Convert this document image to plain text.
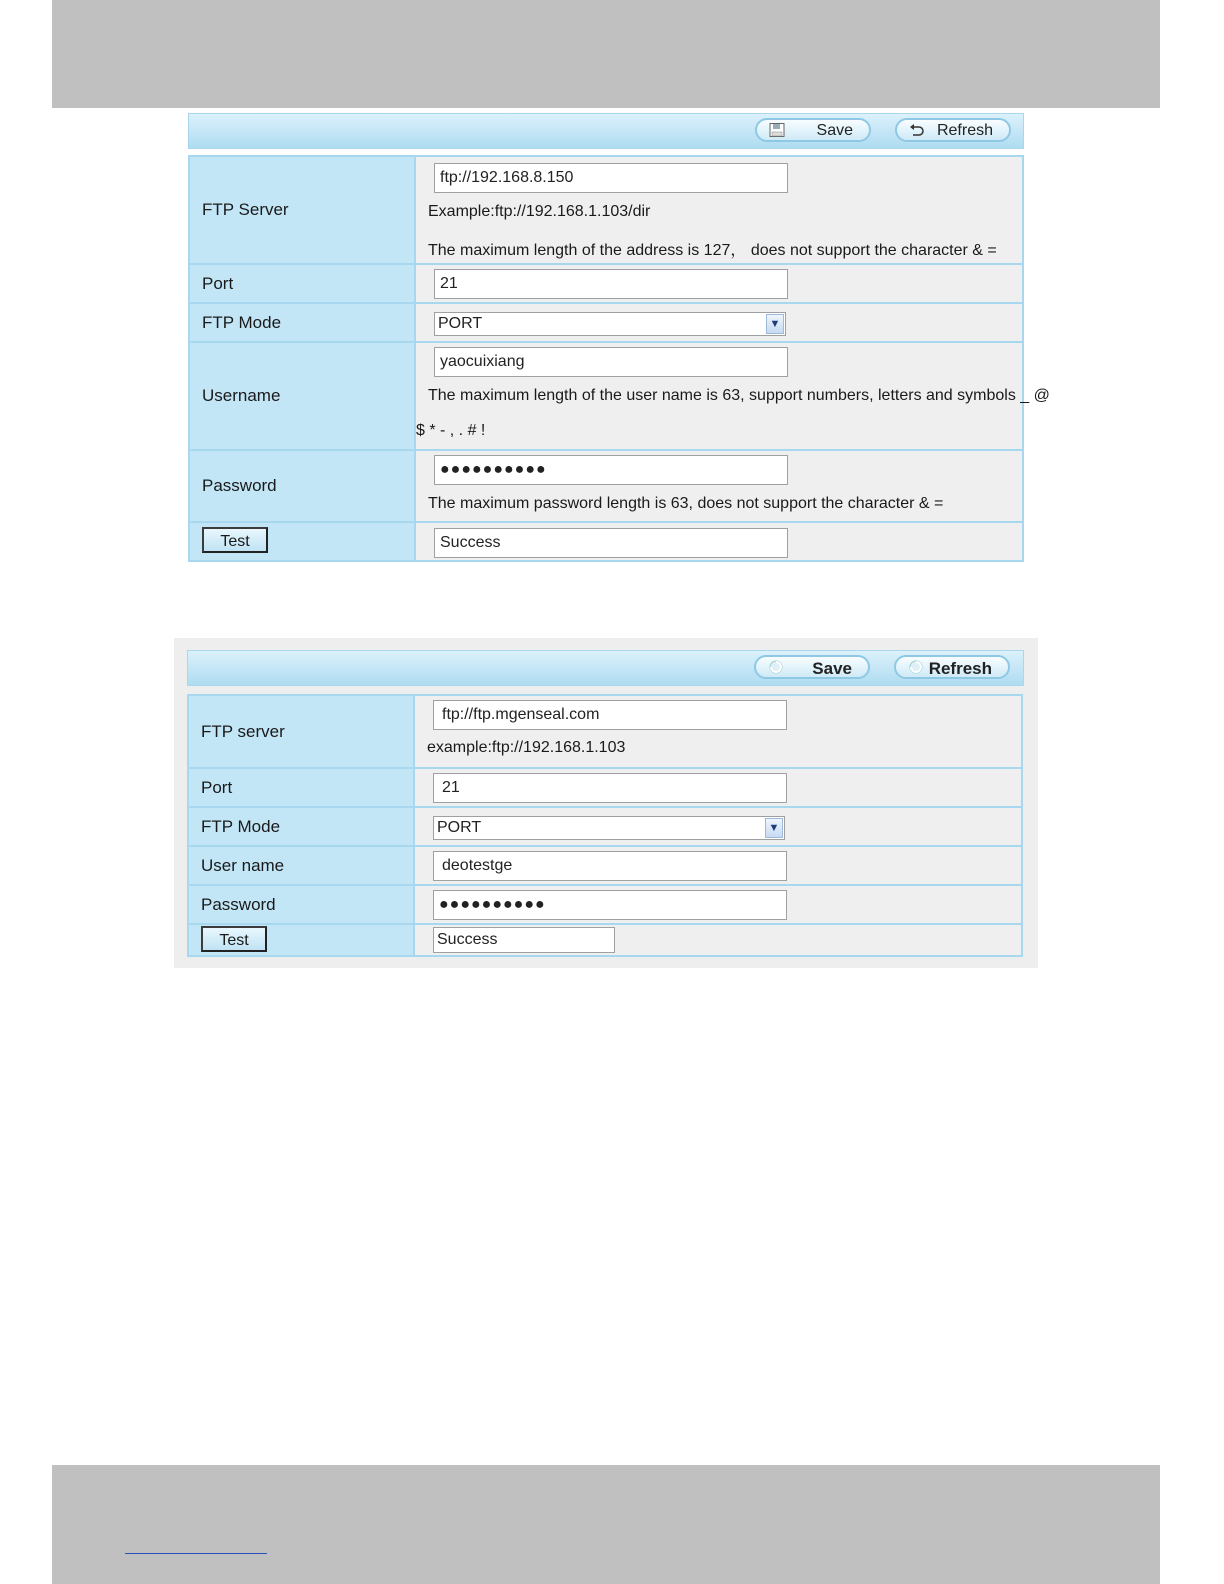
Save	Refresh
FTP Server	ftp://192.168.8.150
Example:ftp://192.168.1.103/dir
The maximum length of the address is 127， does not support the character & =

Port	21

FTP Mode	PORT ▼

Username	yaocuixiang
The maximum length of the user name is 63, support numbers, letters and symbols _ @
$ * - , . # !

Password	●●●●●●●●●●
The maximum password length is 63, does not support the character & =

Test	Success
Save	Refresh
FTP server	ftp://ftp.mgenseal.com
example:ftp://192.168.1.103

Port	21

FTP Mode	PORT ▼

User name	deotestge

Password	●●●●●●●●●●

Test	Success
